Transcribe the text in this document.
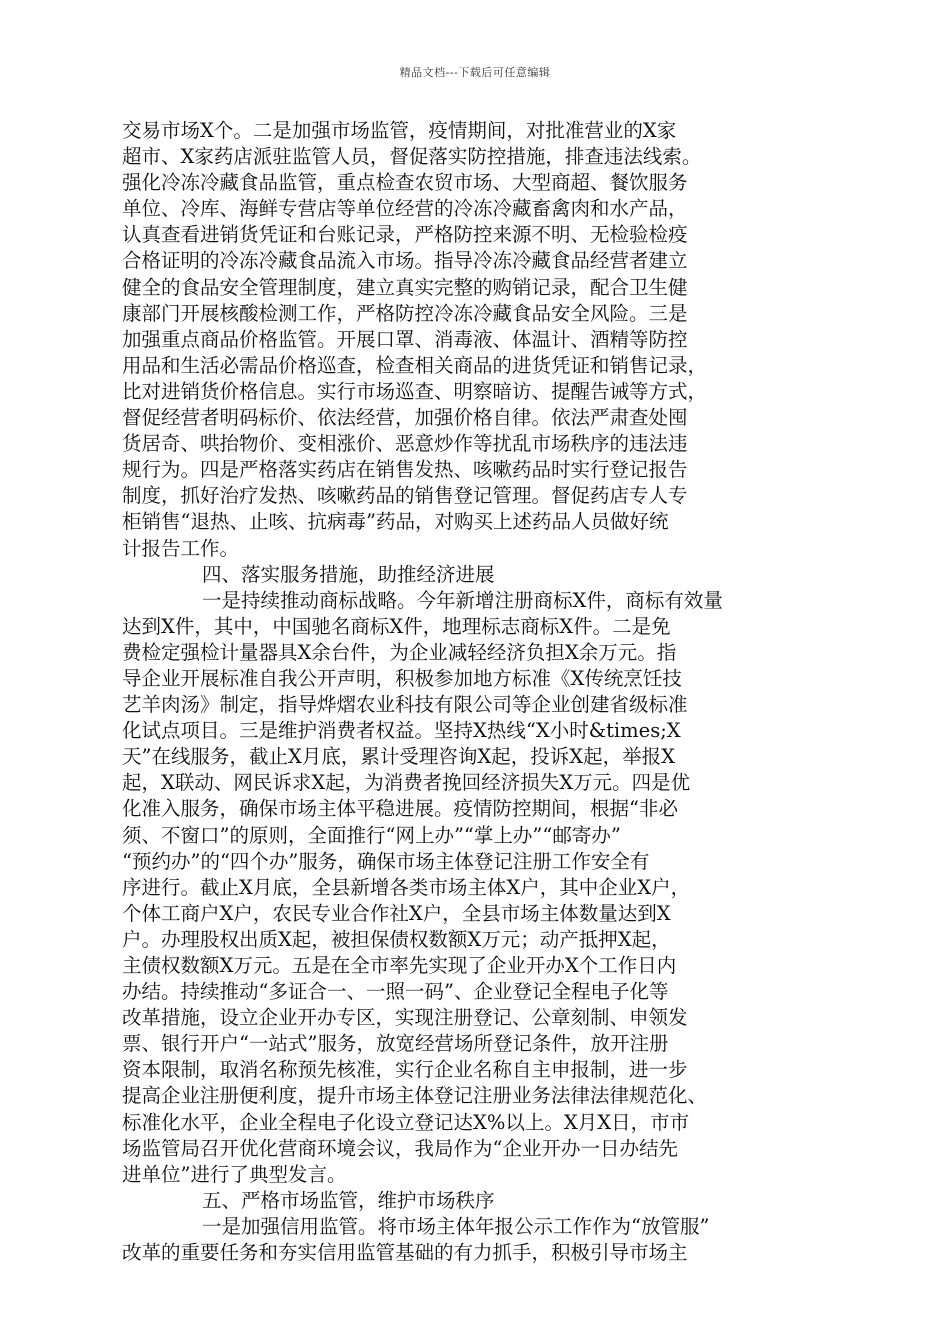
精品文档---下载后可任意编辑
交易市场X个。二是加强市场监管，疫情期间，对批准营业的X家
超市、X家药店派驻监管人员，督促落实防控措施，排查违法线索。
强化冷冻冷藏食品监管，重点检查农贸市场、大型商超、餐饮服务
单位、冷库、海鲜专营店等单位经营的冷冻冷藏畜禽肉和水产品，
认真查看进销货凭证和台账记录，严格防控来源不明、无检验检疫
合格证明的冷冻冷藏食品流入市场。指导冷冻冷藏食品经营者建立
健全的食品安全管理制度，建立真实完整的购销记录，配合卫生健
康部门开展核酸检测工作，严格防控冷冻冷藏食品安全风险。三是
加强重点商品价格监管。开展口罩、消毒液、体温计、酒精等防控
用品和生活必需品价格巡查，检查相关商品的进货凭证和销售记录，
比对进销货价格信息。实行市场巡查、明察暗访、提醒告诫等方式，
督促经营者明码标价、依法经营，加强价格自律。依法严肃查处囤
货居奇、哄抬物价、变相涨价、恶意炒作等扰乱市场秩序的违法违
规行为。四是严格落实药店在销售发热、咳嗽药品时实行登记报告
制度，抓好治疗发热、咳嗽药品的销售登记管理。督促药店专人专
柜销售“退热、止咳、抗病毒”药品，对购买上述药品人员做好统
计报告工作。
四、落实服务措施，助推经济进展
一是持续推动商标战略。今年新增注册商标X件，商标有效量
达到X件，其中，中国驰名商标X件，地理标志商标X件。二是免
费检定强检计量器具X余台件，为企业减轻经济负担X余万元。指
导企业开展标准自我公开声明，积极参加地方标准《X传统烹饪技
艺羊肉汤》制定，指导烨熠农业科技有限公司等企业创建省级标准
化试点项目。三是维护消费者权益。坚持X热线“X小时&times;X
天”在线服务，截止X月底，累计受理咨询X起，投诉X起，举报X
起，X联动、网民诉求X起，为消费者挽回经济损失X万元。四是优
化准入服务，确保市场主体平稳进展。疫情防控期间，根据“非必
须、不窗口”的原则，全面推行“网上办”“掌上办”“邮寄办”
“预约办”的“四个办”服务，确保市场主体登记注册工作安全有
序进行。截止X月底，全县新增各类市场主体X户，其中企业X户，
个体工商户X户，农民专业合作社X户，全县市场主体数量达到X
户。办理股权出质X起，被担保债权数额X万元；动产抵押X起，
主债权数额X万元。五是在全市率先实现了企业开办X个工作日内
办结。持续推动“多证合一、一照一码”、企业登记全程电子化等
改革措施，设立企业开办专区，实现注册登记、公章刻制、申领发
票、银行开户“一站式”服务，放宽经营场所登记条件，放开注册
资本限制，取消名称预先核准，实行企业名称自主申报制，进一步
提高企业注册便利度，提升市场主体登记注册业务法律法律规范化、
标准化水平，企业全程电子化设立登记达X%以上。X月X日，市市
场监管局召开优化营商环境会议，我局作为“企业开办一日办结先
进单位”进行了典型发言。
五、严格市场监管，维护市场秩序
一是加强信用监管。将市场主体年报公示工作作为“放管服”
改革的重要任务和夯实信用监管基础的有力抓手，积极引导市场主
